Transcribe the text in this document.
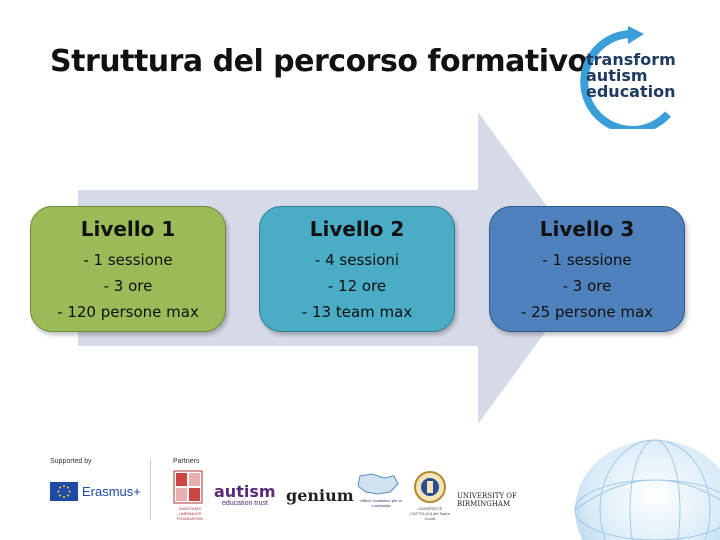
Struttura del percorso formativo
transform
autism
education
Livello 1
- 1 sessione
- 3 ore
- 120 persone max
Livello 2
- 4 sessioni
- 12 ore
- 13 team max
Livello 3
- 1 sessione
- 3 ore
- 25 persone max
Supported by
Erasmus+
Partners
ANASTASIS LABRAKIOS FOUNDATION
autism
education trust genium	Ufficio Scolastico per la Lombardia
UNIVERSITÀ CATTOLICA del Sacro Cuore
UNIVERSITY OF
BIRMINGHAM
